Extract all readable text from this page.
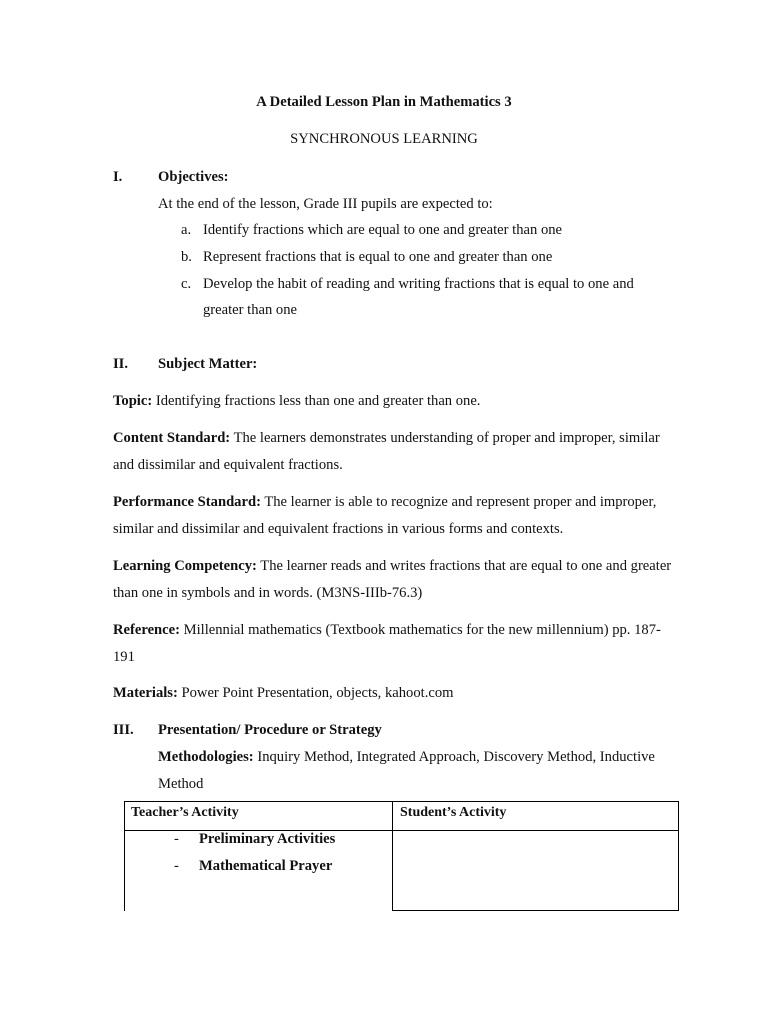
A Detailed Lesson Plan in Mathematics 3
SYNCHRONOUS LEARNING
I. Objectives:
At the end of the lesson, Grade III pupils are expected to:
a. Identify fractions which are equal to one and greater than one
b. Represent fractions that is equal to one and greater than one
c. Develop the habit of reading and writing fractions that is equal to one and
greater than one
II. Subject Matter:
Topic: Identifying fractions less than one and greater than one.
Content Standard: The learners demonstrates understanding of proper and improper, similar
and dissimilar and equivalent fractions.
Performance Standard: The learner is able to recognize and represent proper and improper,
similar and dissimilar and equivalent fractions in various forms and contexts.
Learning Competency: The learner reads and writes fractions that are equal to one and greater
than one in symbols and in words. (M3NS-IIIb-76.3)
Reference: Millennial mathematics (Textbook mathematics for the new millennium) pp. 187-
191
Materials: Power Point Presentation, objects, kahoot.com
III. Presentation/ Procedure or Strategy
Methodologies: Inquiry Method, Integrated Approach, Discovery Method, Inductive
Method
Teacher’s Activity	Student’s Activity
- Preliminary Activities
- Mathematical Prayer
